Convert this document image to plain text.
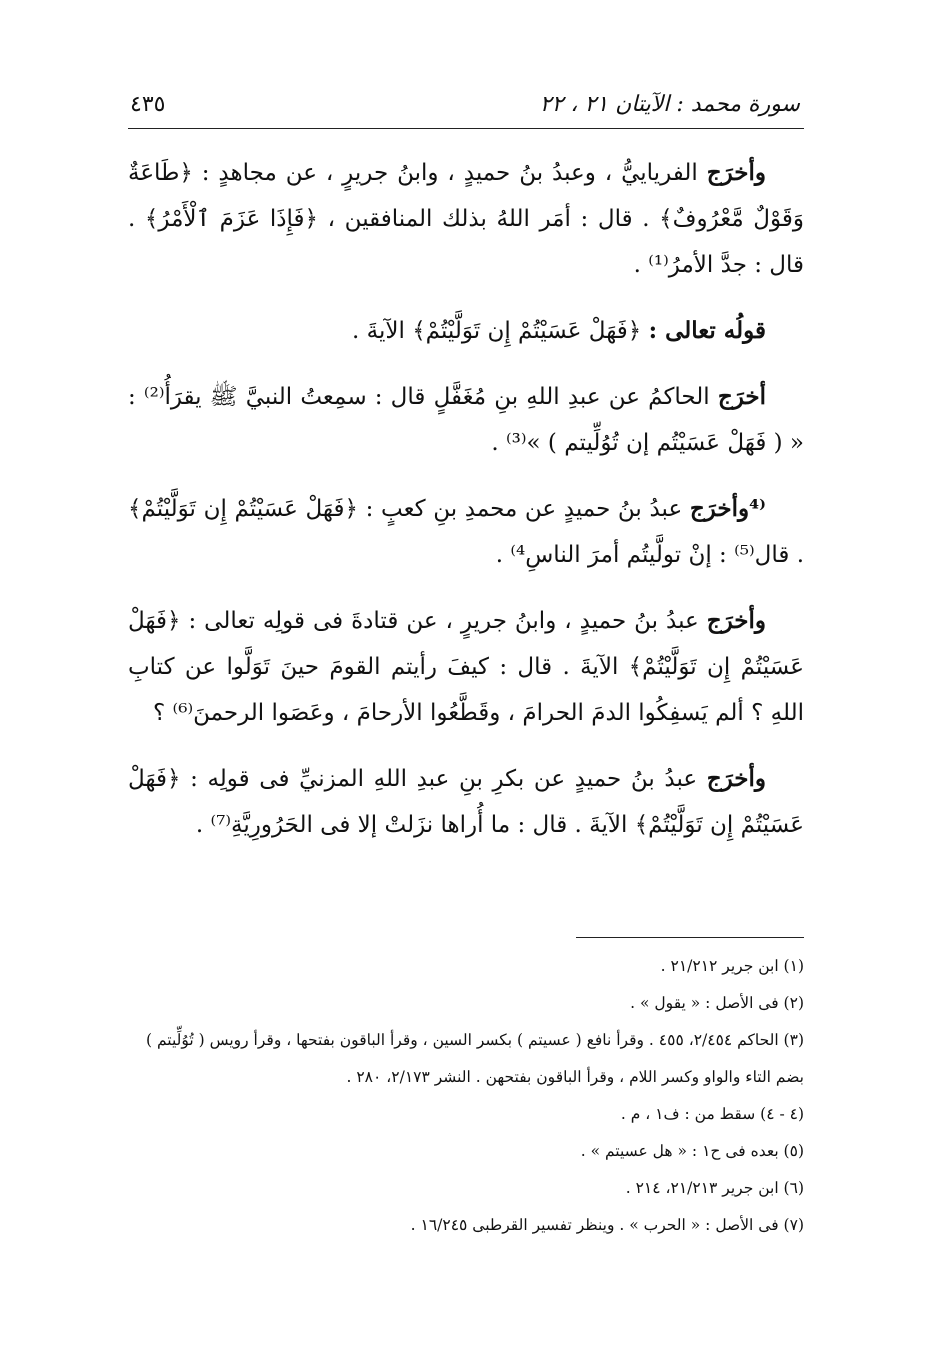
سورة محمد : الآيتان ٢١ ، ٢٢
٤٣٥

وأخرَج الفرياييُّ ، وعبدُ بنُ حميدٍ ، وابنُ جريرٍ ، عن مجاهدٍ : ﴿طَاعَةٌ وَقَوْلٌ مَّعْرُوفٌ﴾ . قال : أمَر اللهُ بذلك المنافقين ، ﴿فَإِذَا عَزَمَ ٱلْأَمْرُ﴾ . قال : جدَّ الأمرُ⁽¹⁾ .

قولُه تعالى : ﴿فَهَلْ عَسَيْتُمْ إِن تَوَلَّيْتُمْ﴾ الآيةَ .

أخرَج الحاكمُ عن عبدِ اللهِ بنِ مُغَفَّلٍ قال : سمِعتُ النبيَّ ﷺ يقرَأُ⁽²⁾ : « ( فَهَلْ عَسَيْتُم إن تُوُلِّيتم ) »⁽³⁾ .

⁽⁴وأخرَج عبدُ بنُ حميدٍ عن محمدِ بنِ كعبٍ : ﴿فَهَلْ عَسَيْتُمْ إِن تَوَلَّيْتُمْ﴾ . قال⁽⁵⁾ : إنْ تولَّيتُم أمرَ الناسِ⁴⁾ .

وأخرَج عبدُ بنُ حميدٍ ، وابنُ جريرٍ ، عن قتادةَ فى قولِه تعالى : ﴿فَهَلْ عَسَيْتُمْ إِن تَوَلَّيْتُمْ﴾ الآيةَ . قال : كيفَ رأيتم القومَ حينَ تَوَلَّوا عن كتابِ اللهِ ؟ ألم يَسفِكُوا الدمَ الحرامَ ، وقَطَّعُوا الأرحامَ ، وعَصَوا الرحمنَ⁽⁶⁾ ؟

وأخرَج عبدُ بنُ حميدٍ عن بكرِ بنِ عبدِ اللهِ المزنيِّ فى قولِه : ﴿فَهَلْ عَسَيْتُمْ إِن تَوَلَّيْتُمْ﴾ الآيةَ . قال : ما أُراها نزَلتْ إلا فى الحَرُورِيَّةِ⁽⁷⁾ .

(١) ابن جرير ٢١/٢١٢ .

(٢) فى الأصل : « يقول » .

(٣) الحاكم ٢/٤٥٤، ٤٥٥ . وقرأ نافع ( عسيتم ) بكسر السين ، وقرأ الباقون بفتحها ، وقرأ رويس ( تُوُلِّيتم ) بضم التاء والواو وكسر اللام ، وقرأ الباقون بفتحهن . النشر ٢/١٧٣، ٢٨٠ .

(٤ - ٤) سقط من : ف١ ، م .

(٥) بعده فى ح١ : « هل عسيتم » .

(٦) ابن جرير ٢١/٢١٣، ٢١٤ .

(٧) فى الأصل : « الحرب » . وينظر تفسير القرطبى ١٦/٢٤٥ .
